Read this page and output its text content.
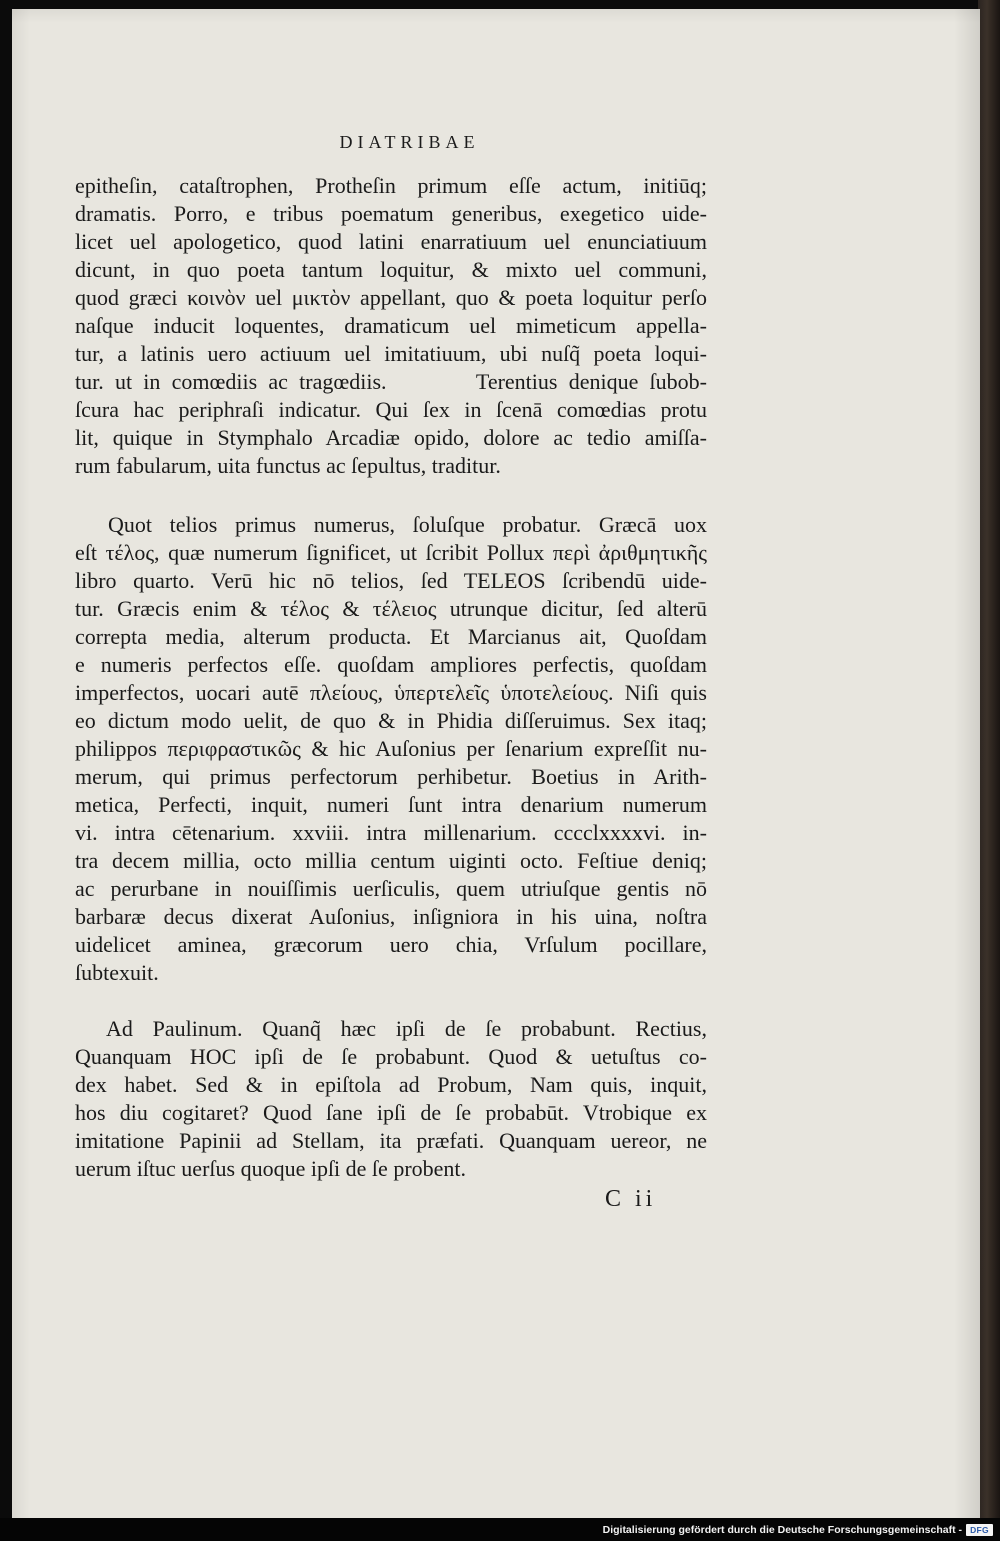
DIATRIBAE
epitheſin, cataſtrophen, Protheſin primum eſſe actum, initiūq;
dramatis. Porro, e tribus poematum generibus, exegetico uide-
licet uel apologetico, quod latini enarratiuum uel enunciatiuum
dicunt, in quo poeta tantum loquitur, & mixto uel communi,
quod græci κοινὸν uel μικτὸν appellant, quo & poeta loquitur perſo
naſque inducit loquentes, dramaticum uel mimeticum appella-
tur, a latinis uero actiuum uel imitatiuum, ubi nuſq̃ poeta loqui-
tur. ut in comœdiis ac tragœdiis.        Terentius denique ſubob-
ſcura hac periphraſi indicatur. Qui ſex in ſcenā comœdias protu
lit, quique in Stymphalo Arcadiæ opido, dolore ac tedio amiſſa-
rum fabularum, uita functus ac ſepultus, traditur.
Quot telios primus numerus, ſoluſque probatur. Græcā uox
eſt τέλος, quæ numerum ſignificet, ut ſcribit Pollux περὶ ἀριθμητικῆς
libro quarto. Verū hic nō telios, ſed TELEOS ſcribendū uide-
tur. Græcis enim & τέλος & τέλειος utrunque dicitur, ſed alterū
correpta media, alterum producta. Et Marcianus ait, Quoſdam
e numeris perfectos eſſe. quoſdam ampliores perfectis, quoſdam
imperfectos, uocari autē πλείους, ὑπερτελεῖς ὑποτελείους. Niſi quis
eo dictum modo uelit, de quo & in Phidia diſſeruimus. Sex itaq;
philippos περιφραστικῶς & hic Auſonius per ſenarium expreſſit nu-
merum, qui primus perfectorum perhibetur. Boetius in Arith-
metica, Perfecti, inquit, numeri ſunt intra denarium numerum
vi. intra cētenarium. xxviii. intra millenarium. cccclxxxxvi. in-
tra decem millia, octo millia centum uiginti octo. Feſtiue deniq;
ac perurbane in nouiſſimis uerſiculis, quem utriuſque gentis nō
barbaræ decus dixerat Auſonius, inſigniora in his uina, noſtra
uidelicet aminea, græcorum uero chia, Vrſulum pocillare,
ſubtexuit.
Ad Paulinum. Quanq̃ hæc ipſi de ſe probabunt. Rectius,
Quanquam HOC ipſi de ſe probabunt. Quod & uetuſtus co-
dex habet. Sed & in epiſtola ad Probum, Nam quis, inquit,
hos diu cogitaret? Quod ſane ipſi de ſe probabūt. Vtrobique ex
imitatione Papinii ad Stellam, ita præfati. Quanquam uereor, ne
uerum iſtuc uerſus quoque ipſi de ſe probent.
C ii
Digitalisierung gefördert durch die Deutsche Forschungsgemeinschaft - DFG
